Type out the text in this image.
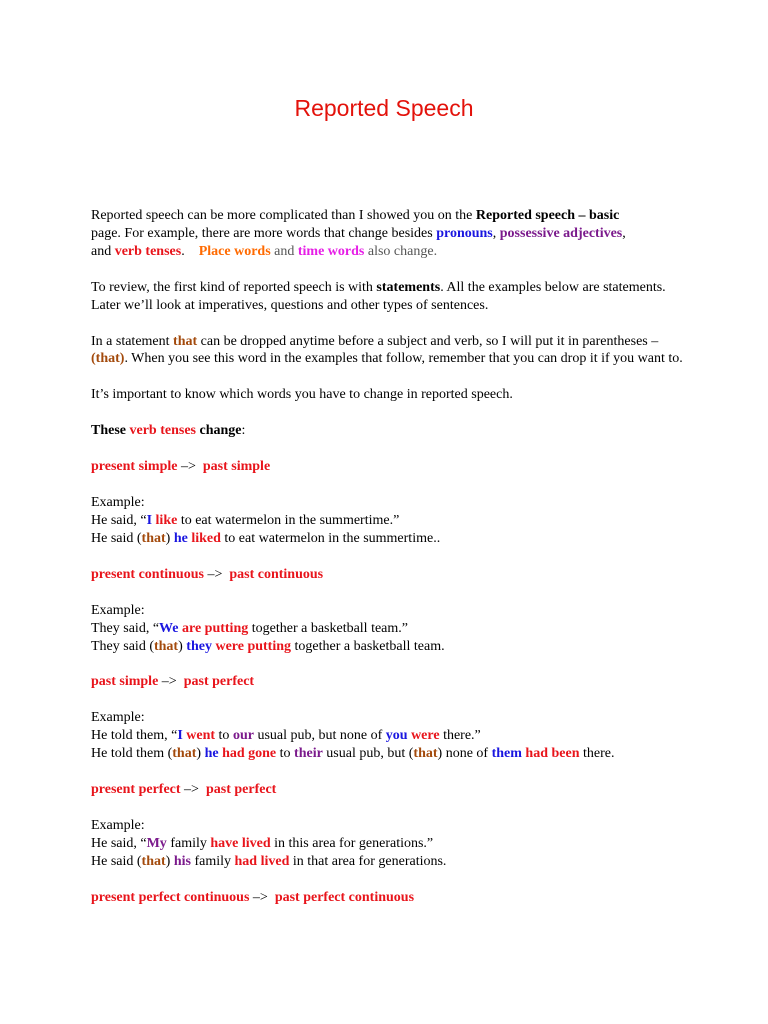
Reported Speech

Reported speech can be more complicated than I showed you on the Reported speech – basic
page. For example, there are more words that change besides pronouns, possessive adjectives,
and verb tenses.    Place words and time words also change.

To review, the first kind of reported speech is with statements. All the examples below are statements. Later we’ll look at imperatives, questions and other types of sentences.

In a statement that can be dropped anytime before a subject and verb, so I will put it in parentheses – (that). When you see this word in the examples that follow, remember that you can drop it if you want to.

It’s important to know which words you have to change in reported speech.

These verb tenses change:

present simple –>  past simple

Example:
He said, “I like to eat watermelon in the summertime.”
He said (that) he liked to eat watermelon in the summertime..

present continuous –>  past continuous

Example:
They said, “We are putting together a basketball team.”
They said (that) they were putting together a basketball team.

past simple –>  past perfect

Example:
He told them, “I went to our usual pub, but none of you were there.”
He told them (that) he had gone to their usual pub, but (that) none of them had been there.

present perfect –>  past perfect

Example:
He said, “My family have lived in this area for generations.”
He said (that) his family had lived in that area for generations.

present perfect continuous –>  past perfect continuous
